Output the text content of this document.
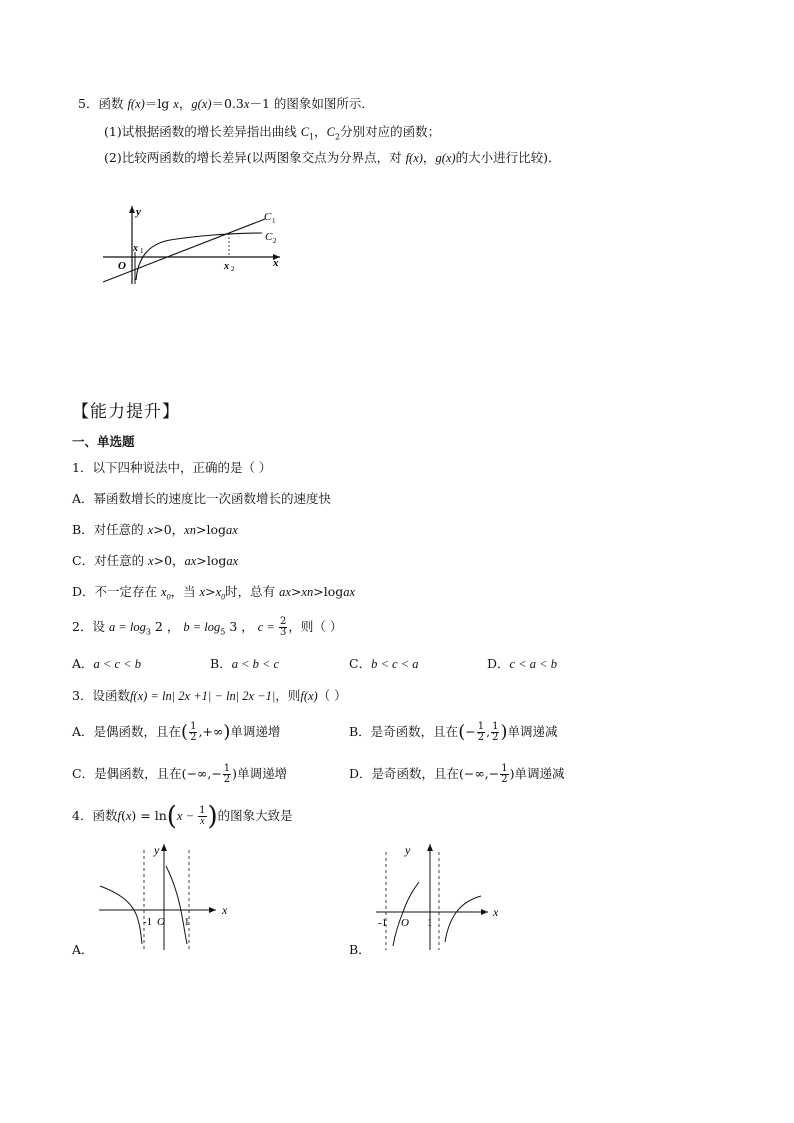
5．函数 f(x)＝lg x，g(x)＝0.3x－1 的图象如图所示．
(1)试根据函数的增长差异指出曲线 $C_1$，$C_2$分别对应的函数；
(2)比较两函数的增长差异(以两图象交点为分界点，对 f(x)，g(x)的大小进行比较)．
y
x
O
x 1
x 2
C 1
C 2
【能力提升】
一、单选题
1．以下四种说法中，正确的是（ ）
A．幂函数增长的速度比一次函数增长的速度快
B．对任意的 x>0，xn>logax
C．对任意的 x>0，ax>logax
D．不一定存在 $x_0$，当 $x>x_0$时，总有 ax>xn>logax
2．设 $a = \log_3 2$ ， $b = \log_5 3$ ， $c = \frac{2}{3}$ ，则（ ）
A．a < c < b	B．a < b < c	C．b < c < a	D．c < a < b
3．设函数f(x) = ln| 2x +1| − ln| 2x −1|，则f(x)（ ）
A．是偶函数，且在( $\frac{1}{2}$ ,+∞)单调递增	B．是奇函数，且在(− $\frac{1}{2}$ , $\frac{1}{2}$ )单调递减
C．是偶函数，且在(−∞,− $\frac{1}{2}$ )单调递增	D．是奇函数，且在(−∞,− $\frac{1}{2}$ )单调递减
4．函数$f(x) = \ln(x - \frac{1}{x}$ )的图象大致是
y
x
-1 O 1
A．
y
x
-1 O 1
B．
